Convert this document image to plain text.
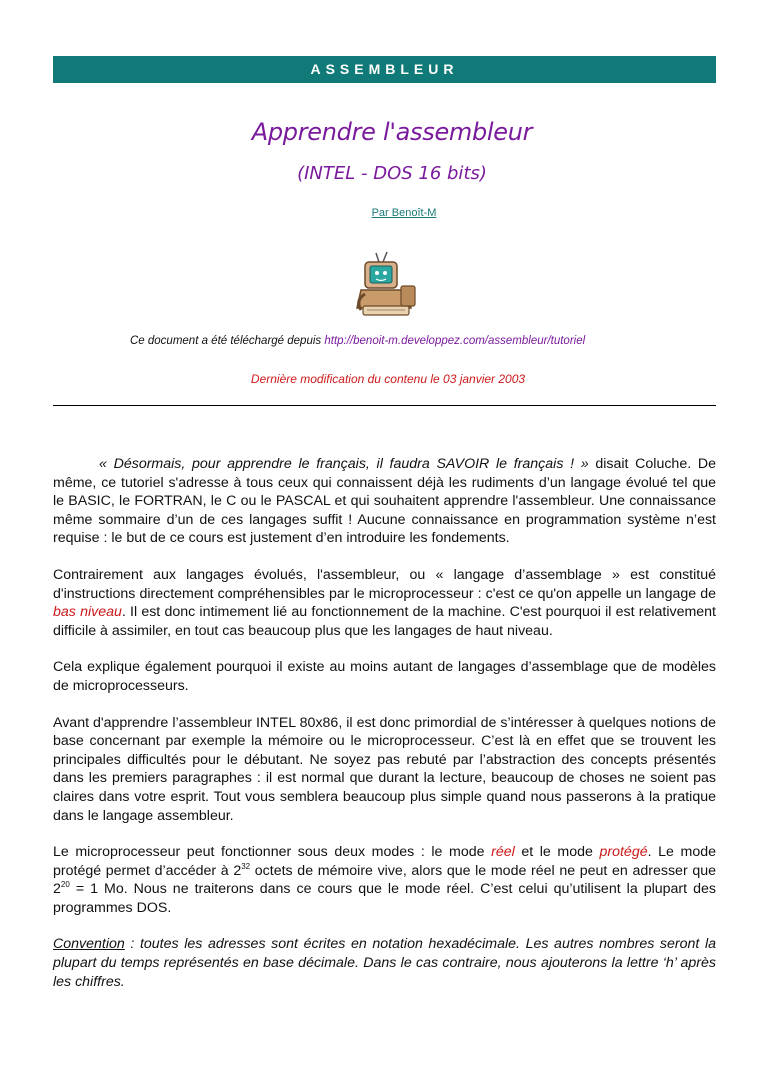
ASSEMBLEUR
Apprendre l'assembleur
(INTEL - DOS 16 bits)
Par Benoît-M
Ce document a été téléchargé depuis http://benoit-m.developpez.com/assembleur/tutoriel
Dernière modification du contenu le 03 janvier 2003

« Désormais, pour apprendre le français, il faudra SAVOIR le français ! » disait Coluche. De même, ce tutoriel s'adresse à tous ceux qui connaissent déjà les rudiments d’un langage évolué tel que le BASIC, le FORTRAN, le C ou le PASCAL et qui souhaitent apprendre l'assembleur. Une connaissance même sommaire d’un de ces langages suffit ! Aucune connaissance en programmation système n’est requise : le but de ce cours est justement d’en introduire les fondements.

Contrairement aux langages évolués, l'assembleur, ou « langage d’assemblage » est constitué d'instructions directement compréhensibles par le microprocesseur : c'est ce qu'on appelle un langage de bas niveau. Il est donc intimement lié au fonctionnement de la machine. C'est pourquoi il est relativement difficile à assimiler, en tout cas beaucoup plus que les langages de haut niveau.

Cela explique également pourquoi il existe au moins autant de langages d’assemblage que de modèles de microprocesseurs.

Avant d'apprendre l’assembleur INTEL 80x86, il est donc primordial de s’intéresser à quelques notions de base concernant par exemple la mémoire ou le microprocesseur. C’est là en effet que se trouvent les principales difficultés pour le débutant. Ne soyez pas rebuté par l’abstraction des concepts présentés dans les premiers paragraphes : il est normal que durant la lecture, beaucoup de choses ne soient pas claires dans votre esprit. Tout vous semblera beaucoup plus simple quand nous passerons à la pratique dans le langage assembleur.

Le microprocesseur peut fonctionner sous deux modes : le mode réel et le mode protégé. Le mode protégé permet d’accéder à $2^{32}$ octets de mémoire vive, alors que le mode réel ne peut en adresser que $2^{20} = 1$ Mo. Nous ne traiterons dans ce cours que le mode réel. C’est celui qu’utilisent la plupart des programmes DOS.

Convention : toutes les adresses sont écrites en notation hexadécimale. Les autres nombres seront la plupart du temps représentés en base décimale. Dans le cas contraire, nous ajouterons la lettre ‘h’ après les chiffres.
